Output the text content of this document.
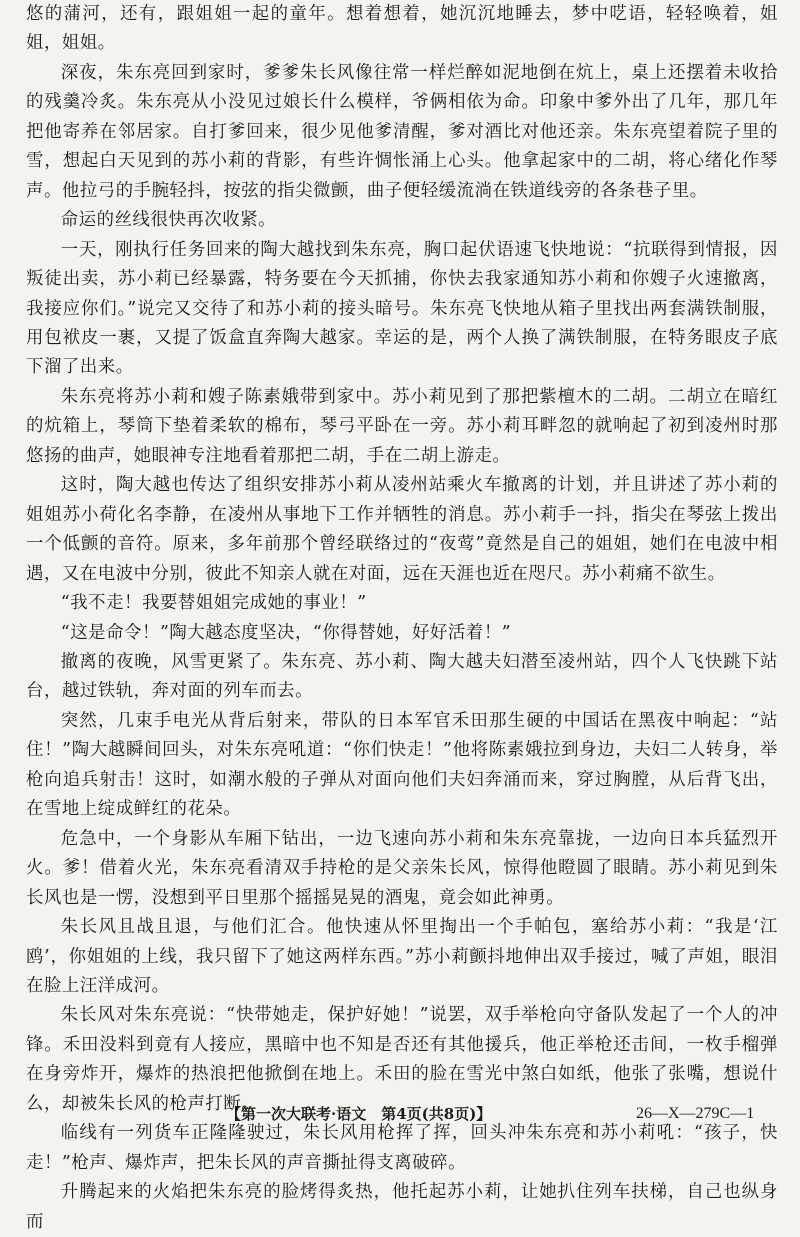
悠的蒲河，还有，跟姐姐一起的童年。想着想着，她沉沉地睡去，梦中呓语，轻轻唤着，姐姐，姐姐。

深夜，朱东亮回到家时，爹爹朱长风像往常一样烂醉如泥地倒在炕上，桌上还摆着未收拾的残羹冷炙。朱东亮从小没见过娘长什么模样，爷俩相依为命。印象中爹外出了几年，那几年把他寄养在邻居家。自打爹回来，很少见他爹清醒，爹对酒比对他还亲。朱东亮望着院子里的雪，想起白天见到的苏小莉的背影，有些许惆怅涌上心头。他拿起家中的二胡，将心绪化作琴声。他拉弓的手腕轻抖，按弦的指尖微颤，曲子便轻缓流淌在铁道线旁的各条巷子里。

命运的丝线很快再次收紧。

一天，刚执行任务回来的陶大越找到朱东亮，胸口起伏语速飞快地说：“抗联得到情报，因叛徒出卖，苏小莉已经暴露，特务要在今天抓捕，你快去我家通知苏小莉和你嫂子火速撤离，我接应你们。”说完又交待了和苏小莉的接头暗号。朱东亮飞快地从箱子里找出两套满铁制服，用包袱皮一裹，又提了饭盒直奔陶大越家。幸运的是，两个人换了满铁制服，在特务眼皮子底下溜了出来。

朱东亮将苏小莉和嫂子陈素娥带到家中。苏小莉见到了那把紫檀木的二胡。二胡立在暗红的炕箱上，琴筒下垫着柔软的棉布，琴弓平卧在一旁。苏小莉耳畔忽的就响起了初到凌州时那悠扬的曲声，她眼神专注地看着那把二胡，手在二胡上游走。

这时，陶大越也传达了组织安排苏小莉从凌州站乘火车撤离的计划，并且讲述了苏小莉的姐姐苏小荷化名李静，在凌州从事地下工作并牺牲的消息。苏小莉手一抖，指尖在琴弦上拨出一个低颤的音符。原来，多年前那个曾经联络过的“夜莺”竟然是自己的姐姐，她们在电波中相遇，又在电波中分别，彼此不知亲人就在对面，远在天涯也近在咫尺。苏小莉痛不欲生。

“我不走！我要替姐姐完成她的事业！”

“这是命令！”陶大越态度坚决，“你得替她，好好活着！”

撤离的夜晚，风雪更紧了。朱东亮、苏小莉、陶大越夫妇潜至凌州站，四个人飞快跳下站台，越过铁轨，奔对面的列车而去。

突然，几束手电光从背后射来，带队的日本军官禾田那生硬的中国话在黑夜中响起：“站住！”陶大越瞬间回头，对朱东亮吼道：“你们快走！”他将陈素娥拉到身边，夫妇二人转身，举枪向追兵射击！这时，如潮水般的子弹从对面向他们夫妇奔涌而来，穿过胸膛，从后背飞出，在雪地上绽成鲜红的花朵。

危急中，一个身影从车厢下钻出，一边飞速向苏小莉和朱东亮靠拢，一边向日本兵猛烈开火。爹！借着火光，朱东亮看清双手持枪的是父亲朱长风，惊得他瞪圆了眼睛。苏小莉见到朱长风也是一愣，没想到平日里那个摇摇晃晃的酒鬼，竟会如此神勇。

朱长风且战且退，与他们汇合。他快速从怀里掏出一个手帕包，塞给苏小莉：“我是‘江鸥’，你姐姐的上线，我只留下了她这两样东西。”苏小莉颤抖地伸出双手接过，喊了声姐，眼泪在脸上汪洋成河。

朱长风对朱东亮说：“快带她走，保护好她！”说罢，双手举枪向守备队发起了一个人的冲锋。禾田没料到竟有人接应，黑暗中也不知是否还有其他援兵，他正举枪还击间，一枚手榴弹在身旁炸开，爆炸的热浪把他掀倒在地上。禾田的脸在雪光中煞白如纸，他张了张嘴，想说什么，却被朱长风的枪声打断。

临线有一列货车正隆隆驶过，朱长风用枪挥了挥，回头冲朱东亮和苏小莉吼：“孩子，快走！”枪声、爆炸声，把朱长风的声音撕扯得支离破碎。

升腾起来的火焰把朱东亮的脸烤得炙热，他托起苏小莉，让她扒住列车扶梯，自己也纵身而

【第一次大联考·语文　第4页(共8页)】	26—X—279C—1
